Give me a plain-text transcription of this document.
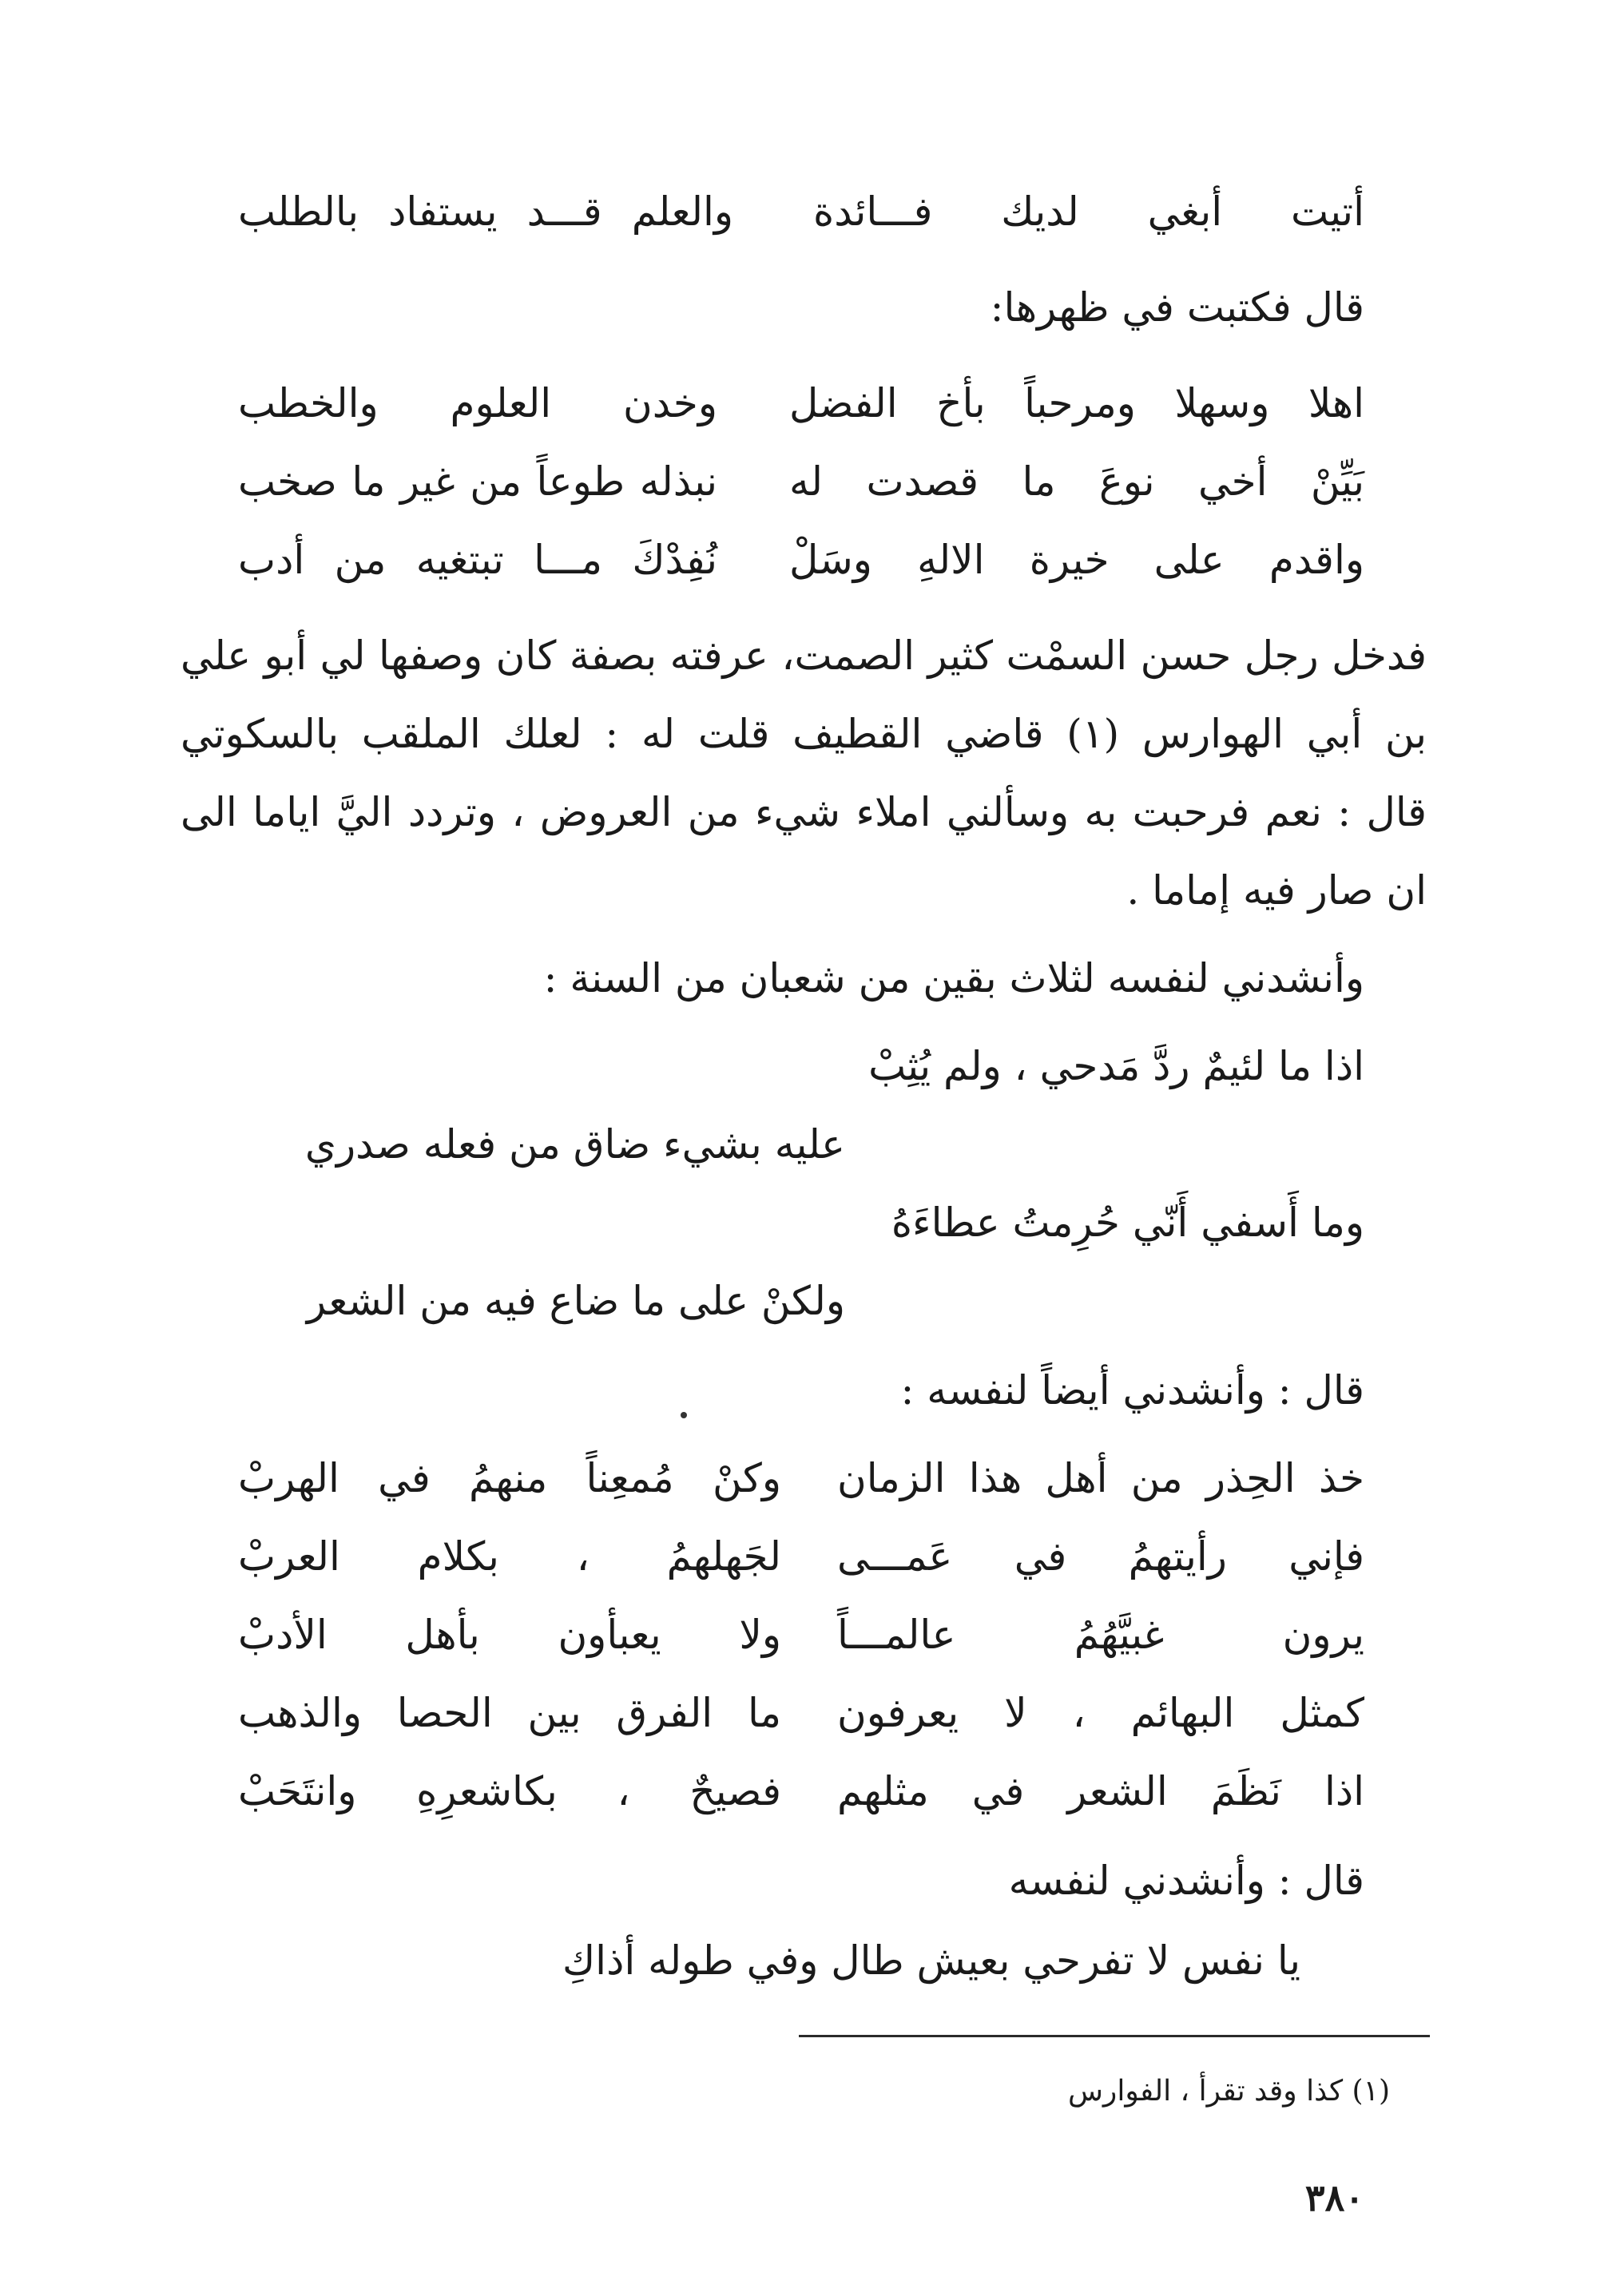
أتيت
أبغي
لديك
فـــائدة
والعلم
قـــد
يستفاد
بالطلب
قال فكتبت في ظهرها:
اهلا
وسهلا
ومرحباً
بأخ
الفضل
وخدن
العلوم
والخطب
بَيِّنْ
أخي
نوعَ
ما
قصدت
له
نبذله
طوعاً
من
غير
ما
صخب
واقدم
على
خيرة
الالهِ
وسَلْ
نُفِدْكَ
مـــا
تبتغيه
من
أدب
فدخل رجل حسن السمْت كثير الصمت، عرفته بصفة كان وصفها لي أبو علي
بن أبي الهوارس (١) قاضي القطيف قلت له : لعلك الملقب بالسكوتي
قال : نعم فرحبت به وسألني املاء شيء من العروض ، وتردد اليَّ اياما الى
ان صار فيه إماما .
وأنشدني لنفسه لثلاث بقين من شعبان من السنة :
اذا ما لئيمٌ ردَّ مَدحي ، ولم يُثِبْ
عليه بشيء ضاق من فعله صدري
وما أَسفي أَنّي حُرِمتُ عطاءَهُ
ولكنْ على ما ضاع فيه من الشعر
قال : وأنشدني أيضاً لنفسه :
خذ
الحِذر
من
أهل
هذا
الزمان
وكنْ
مُمعِناً
منهمُ
في
الهربْ
فإني
رأيتهمُ
في
عَمـــى
لجَهلهمُ
،
بكلام
العربْ
يرون
غبيَّهُمُ
عالمـــاً
ولا
يعبأون
بأهل
الأدبْ
كمثل
البهائم
،
لا
يعرفون
ما
الفرق
بين
الحصا
والذهب
اذا
نَظَمَ
الشعر
في
مثلهم
فصيحٌ
،
بكاشعرِهِ
وانتَحَبْ
قال : وأنشدني لنفسه
يا نفس لا تفرحي بعيش طال وفي طوله أذاكِ
(١) كذا وقد تقرأ ، الفوارس
٣٨٠
